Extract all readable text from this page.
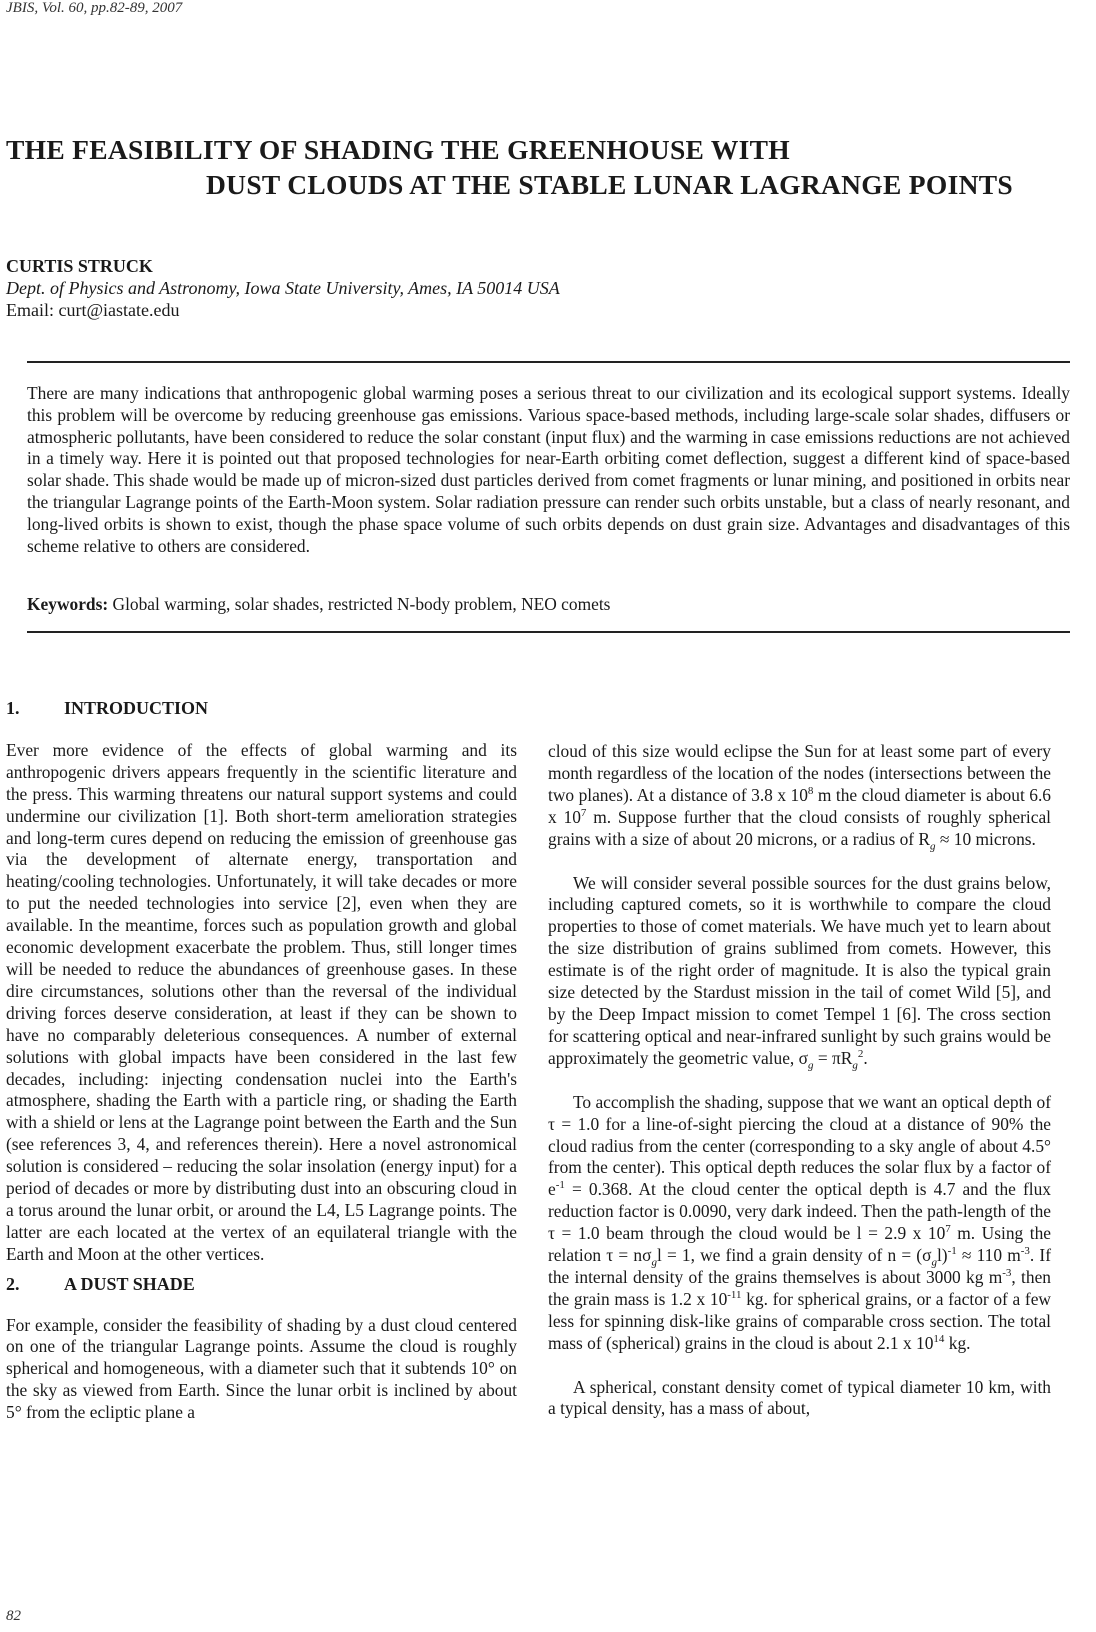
JBIS, Vol. 60, pp.82-89, 2007
THE FEASIBILITY OF SHADING THE GREENHOUSE WITH
DUST CLOUDS AT THE STABLE LUNAR LAGRANGE POINTS
CURTIS STRUCK
Dept. of Physics and Astronomy, Iowa State University, Ames, IA 50014 USA
Email: curt@iastate.edu
There are many indications that anthropogenic global warming poses a serious threat to our civilization and its ecological support systems. Ideally this problem will be overcome by reducing greenhouse gas emissions. Various space-based methods, including large-scale solar shades, diffusers or atmospheric pollutants, have been considered to reduce the solar constant (input flux) and the warming in case emissions reductions are not achieved in a timely way. Here it is pointed out that proposed technologies for near-Earth orbiting comet deflection, suggest a different kind of space-based solar shade. This shade would be made up of micron-sized dust particles derived from comet fragments or lunar mining, and positioned in orbits near the triangular Lagrange points of the Earth-Moon system. Solar radiation pressure can render such orbits unstable, but a class of nearly resonant, and long-lived orbits is shown to exist, though the phase space volume of such orbits depends on dust grain size. Advantages and disadvantages of this scheme relative to others are considered.
Keywords: Global warming, solar shades, restricted N-body problem, NEO comets
1. INTRODUCTION

Ever more evidence of the effects of global warming and its anthropogenic drivers appears frequently in the scientific literature and the press. This warming threatens our natural support systems and could undermine our civilization [1]. Both short-term amelioration strategies and long-term cures depend on reducing the emission of greenhouse gas via the development of alternate energy, transportation and heating/cooling technologies. Unfortunately, it will take decades or more to put the needed technologies into service [2], even when they are available. In the meantime, forces such as population growth and global economic development exacerbate the problem. Thus, still longer times will be needed to reduce the abundances of greenhouse gases. In these dire circumstances, solutions other than the reversal of the individual driving forces deserve consideration, at least if they can be shown to have no comparably deleterious consequences. A number of external solutions with global impacts have been considered in the last few decades, including: injecting condensation nuclei into the Earth's atmosphere, shading the Earth with a particle ring, or shading the Earth with a shield or lens at the Lagrange point between the Earth and the Sun (see references 3, 4, and references therein). Here a novel astronomical solution is considered – reducing the solar insolation (energy input) for a period of decades or more by distributing dust into an obscuring cloud in a torus around the lunar orbit, or around the L4, L5 Lagrange points. The latter are each located at the vertex of an equilateral triangle with the Earth and Moon at the other vertices.

2. A DUST SHADE

For example, consider the feasibility of shading by a dust cloud centered on one of the triangular Lagrange points. Assume the cloud is roughly spherical and homogeneous, with a diameter such that it subtends 10° on the sky as viewed from Earth. Since the lunar orbit is inclined by about 5° from the ecliptic plane a

cloud of this size would eclipse the Sun for at least some part of every month regardless of the location of the nodes (intersections between the two planes). At a distance of 3.8 x $10^8$ m the cloud diameter is about 6.6 x $10^7$ m. Suppose further that the cloud consists of roughly spherical grains with a size of about 20 microns, or a radius of $R_g \approx 10$ microns.

We will consider several possible sources for the dust grains below, including captured comets, so it is worthwhile to compare the cloud properties to those of comet materials. We have much yet to learn about the size distribution of grains sublimed from comets. However, this estimate is of the right order of magnitude. It is also the typical grain size detected by the Stardust mission in the tail of comet Wild [5], and by the Deep Impact mission to comet Tempel 1 [6]. The cross section for scattering optical and near-infrared sunlight by such grains would be approximately the geometric value, $\sigma_g = \pi R_g^2$.

To accomplish the shading, suppose that we want an optical depth of τ = 1.0 for a line-of-sight piercing the cloud at a distance of 90% the cloud radius from the center (corresponding to a sky angle of about 4.5° from the center). This optical depth reduces the solar flux by a factor of $e^{-1} = 0.368$. At the cloud center the optical depth is 4.7 and the flux reduction factor is 0.0090, very dark indeed. Then the path-length of the τ = 1.0 beam through the cloud would be l = 2.9 x $10^7$ m. Using the relation $\tau = n\sigma_gl = 1$, we find a grain density of $n = (\sigma_gl)^{-1} \approx 110$ $m^{-3}$. If the internal density of the grains themselves is about 3000 kg $m^{-3}$, then the grain mass is 1.2 x $10^{-11}$ kg. for spherical grains, or a factor of a few less for spinning disk-like grains of comparable cross section. The total mass of (spherical) grains in the cloud is about 2.1 x $10^{14}$ kg.

A spherical, constant density comet of typical diameter 10 km, with a typical density, has a mass of about,

82
